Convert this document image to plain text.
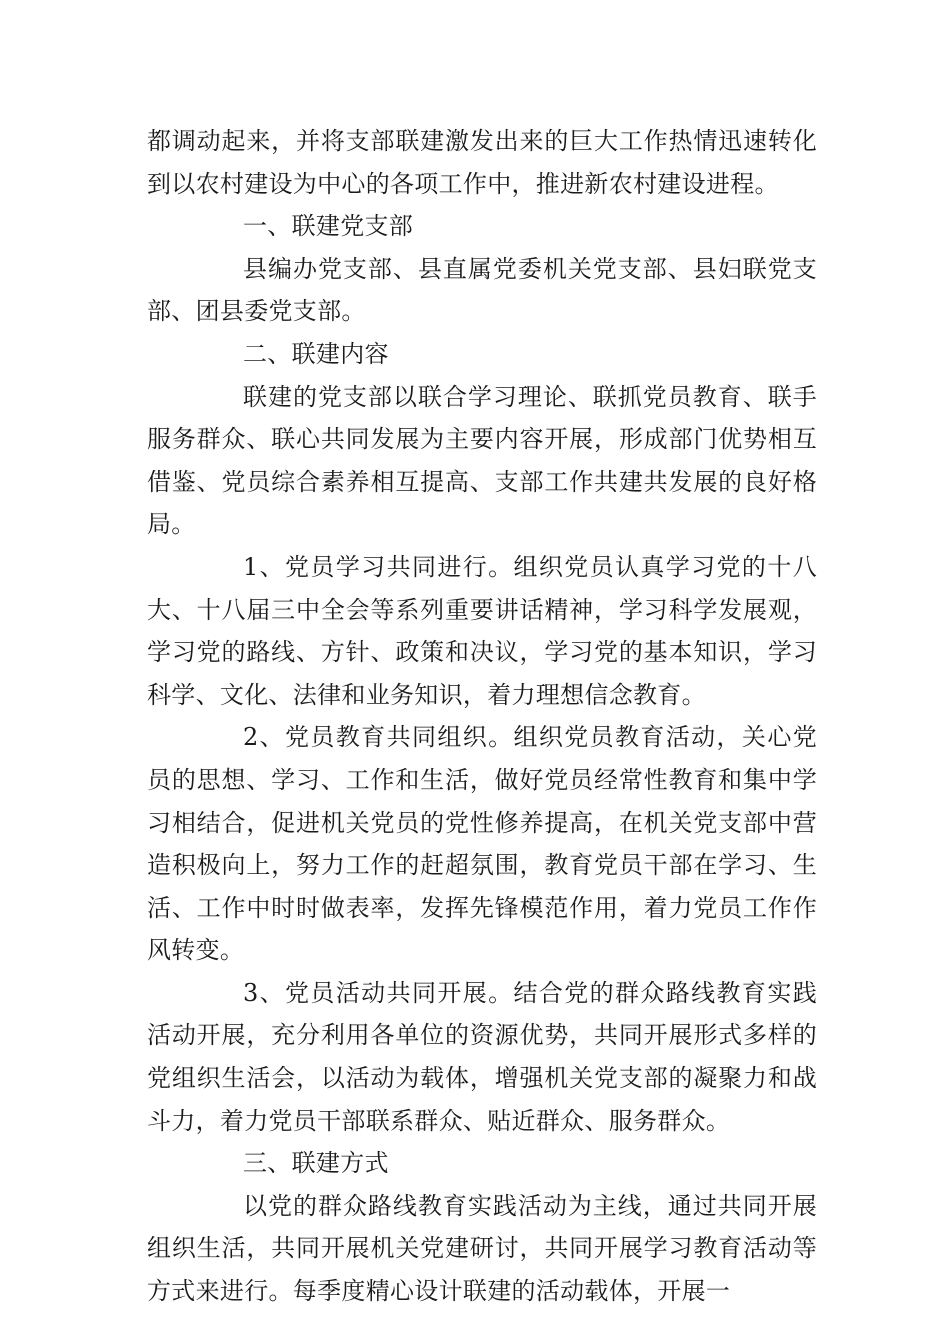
都调动起来，并将支部联建激发出来的巨大工作热情迅速转化到以农村建设为中心的各项工作中，推进新农村建设进程。

一、联建党支部

县编办党支部、县直属党委机关党支部、县妇联党支部、团县委党支部。

二、联建内容

联建的党支部以联合学习理论、联抓党员教育、联手服务群众、联心共同发展为主要内容开展，形成部门优势相互借鉴、党员综合素养相互提高、支部工作共建共发展的良好格局。

1、党员学习共同进行。组织党员认真学习党的十八大、十八届三中全会等系列重要讲话精神，学习科学发展观，学习党的路线、方针、政策和决议，学习党的基本知识，学习科学、文化、法律和业务知识，着力理想信念教育。

2、党员教育共同组织。组织党员教育活动，关心党员的思想、学习、工作和生活，做好党员经常性教育和集中学习相结合，促进机关党员的党性修养提高，在机关党支部中营造积极向上，努力工作的赶超氛围，教育党员干部在学习、生活、工作中时时做表率，发挥先锋模范作用，着力党员工作作风转变。

3、党员活动共同开展。结合党的群众路线教育实践活动开展，充分利用各单位的资源优势，共同开展形式多样的党组织生活会，以活动为载体，增强机关党支部的凝聚力和战斗力，着力党员干部联系群众、贴近群众、服务群众。

三、联建方式

以党的群众路线教育实践活动为主线，通过共同开展组织生活，共同开展机关党建研讨，共同开展学习教育活动等方式来进行。每季度精心设计联建的活动载体，开展一
